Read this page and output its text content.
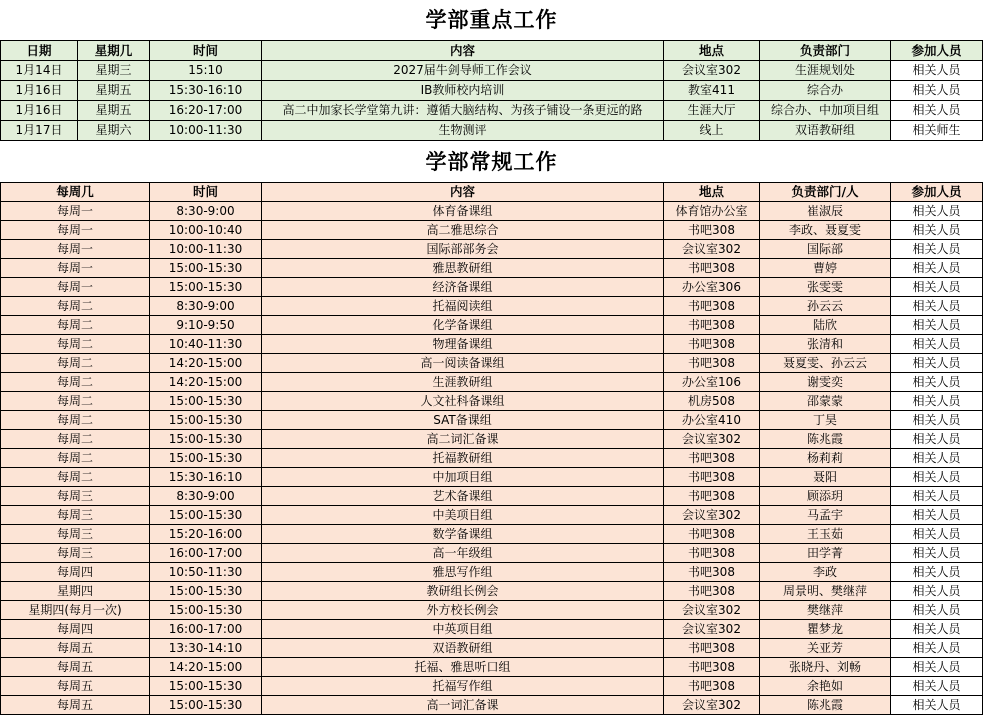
学部重点工作
日期	星期几	时间	内容	地点	负责部门	参加人员
1月14日	星期三	15:10	2027届牛剑导师工作会议	会议室302	生涯规划处	相关人员
1月16日	星期五	15:30-16:10	IB教师校内培训	教室411	综合办	相关人员
1月16日	星期五	16:20-17:00	高二中加家长学堂第九讲：遵循大脑结构、为孩子铺设一条更远的路	生涯大厅	综合办、中加项目组	相关人员
1月17日	星期六	10:00-11:30	生物测评	线上	双语教研组	相关师生
学部常规工作
每周几	时间	内容	地点	负责部门/人	参加人员
每周一	8:30-9:00	体育备课组	体育馆办公室	崔淑辰	相关人员
每周一	10:00-10:40	高二雅思综合	书吧308	李政、聂夏雯	相关人员
每周一	10:00-11:30	国际部部务会	会议室302	国际部	相关人员
每周一	15:00-15:30	雅思教研组	书吧308	曹婷	相关人员
每周一	15:00-15:30	经济备课组	办公室306	张雯雯	相关人员
每周二	8:30-9:00	托福阅读组	书吧308	孙云云	相关人员
每周二	9:10-9:50	化学备课组	书吧308	陆欣	相关人员
每周二	10:40-11:30	物理备课组	书吧308	张清和	相关人员
每周二	14:20-15:00	高一阅读备课组	书吧308	聂夏雯、孙云云	相关人员
每周二	14:20-15:00	生涯教研组	办公室106	谢雯奕	相关人员
每周二	15:00-15:30	人文社科备课组	机房508	邵蒙蒙	相关人员
每周二	15:00-15:30	SAT备课组	办公室410	丁昊	相关人员
每周二	15:00-15:30	高二词汇备课	会议室302	陈兆霞	相关人员
每周二	15:00-15:30	托福教研组	书吧308	杨莉莉	相关人员
每周二	15:30-16:10	中加项目组	书吧308	聂阳	相关人员
每周三	8:30-9:00	艺术备课组	书吧308	顾添玥	相关人员
每周三	15:00-15:30	中美项目组	会议室302	马孟宇	相关人员
每周三	15:20-16:00	数学备课组	书吧308	王玉茹	相关人员
每周三	16:00-17:00	高一年级组	书吧308	田学菁	相关人员
每周四	10:50-11:30	雅思写作组	书吧308	李政	相关人员
星期四	15:00-15:30	教研组长例会	书吧308	周景明、樊继萍	相关人员
星期四(每月一次)	15:00-15:30	外方校长例会	会议室302	樊继萍	相关人员
每周四	16:00-17:00	中英项目组	会议室302	瞿梦龙	相关人员
每周五	13:30-14:10	双语教研组	书吧308	关亚芳	相关人员
每周五	14:20-15:00	托福、雅思听口组	书吧308	张晓丹、刘畅	相关人员
每周五	15:00-15:30	托福写作组	书吧308	余艳如	相关人员
每周五	15:00-15:30	高一词汇备课	会议室302	陈兆霞	相关人员
